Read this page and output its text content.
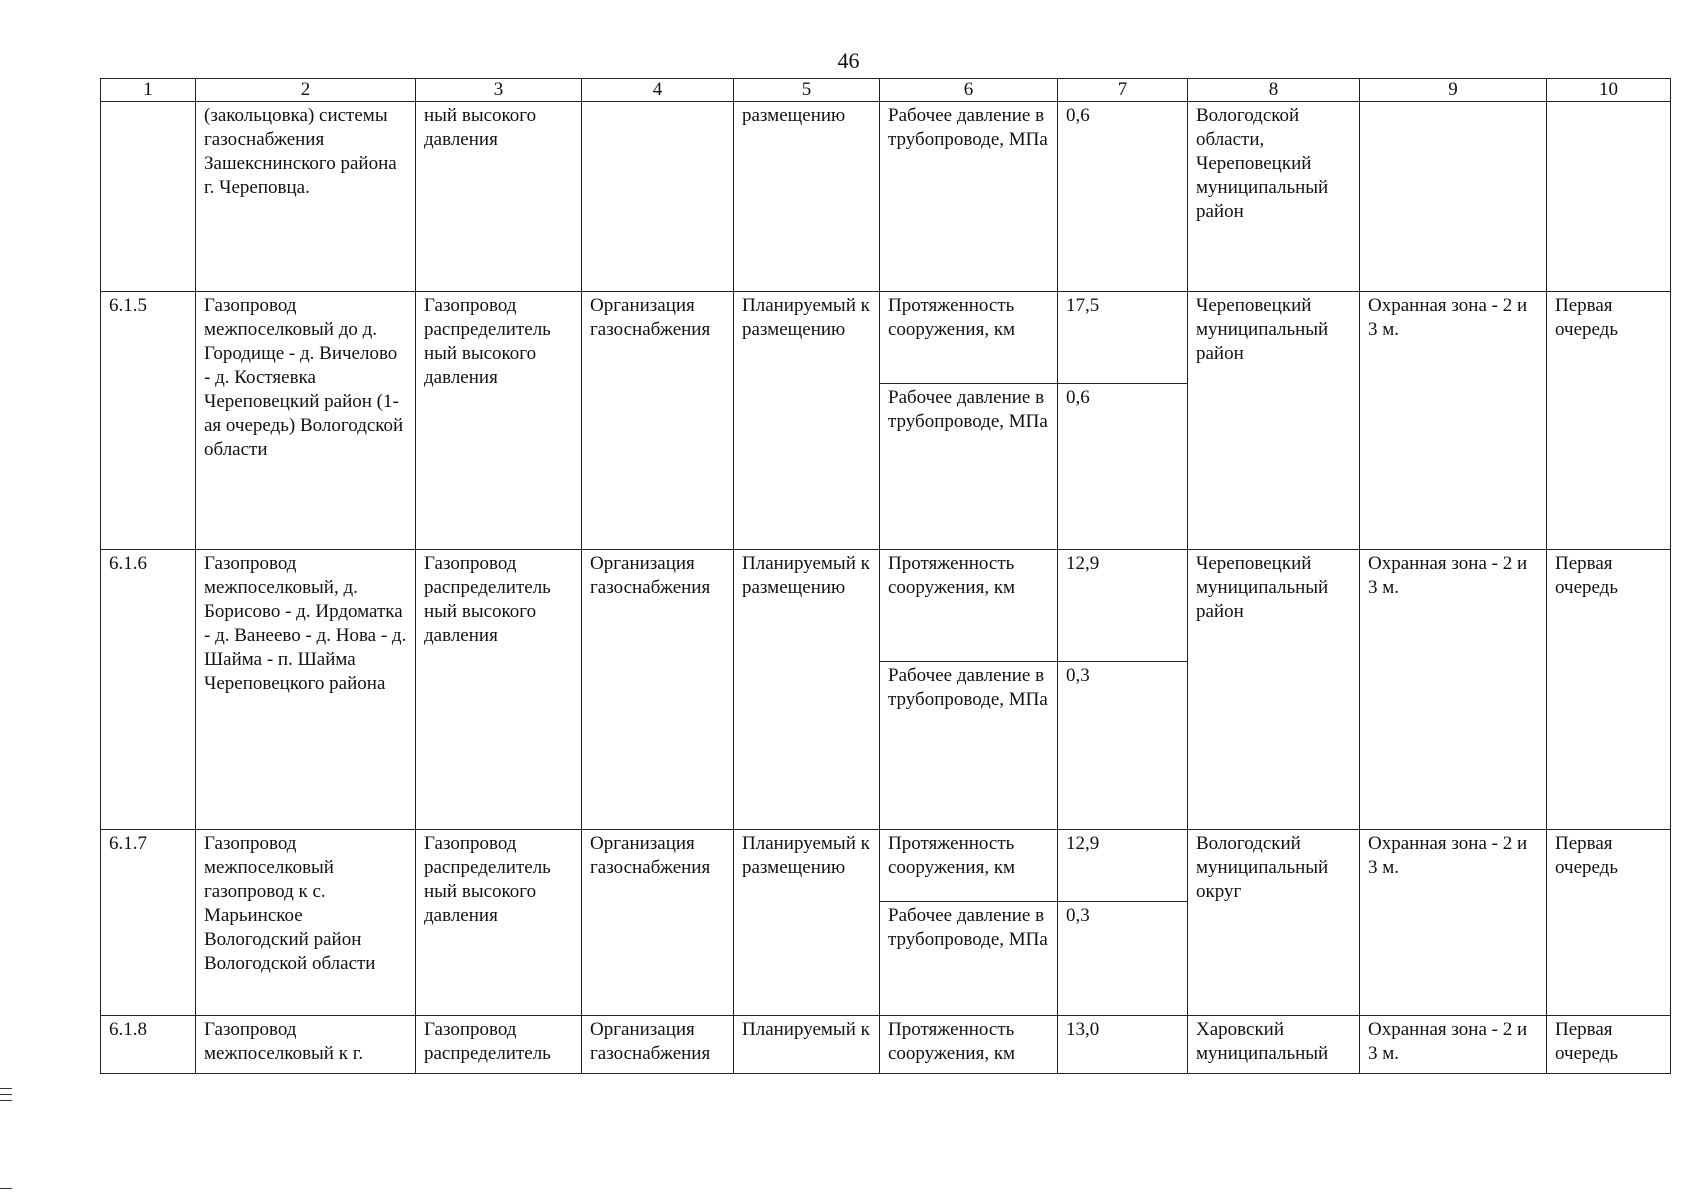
46
1	2	3	4	5	6	7	8	9	10
	(закольцовка) системы газоснабжения Зашекснинского района г. Череповца.	ный высокого давления		размещению	Рабочее давление в трубопроводе, МПа	0,6	Вологодской области, Череповецкий муниципальный район		
6.1.5	Газопровод межпоселковый до д. Городище - д. Вичелово - д. Костяевка Череповецкий район (1-ая очередь) Вологодской области	Газопровод распределитель ный высокого давления	Организация газоснабжения	Планируемый к размещению	Протяженность сооружения, км	17,5	Череповецкий муниципальный район	Охранная зона - 2 и 3 м.	Первая очередь
					Рабочее давление в трубопроводе, МПа	0,6			
6.1.6	Газопровод межпоселковый, д. Борисово - д. Ирдоматка - д. Ванеево - д. Нова - д. Шайма - п. Шайма Череповецкого района	Газопровод распределитель ный высокого давления	Организация газоснабжения	Планируемый к размещению	Протяженность сооружения, км	12,9	Череповецкий муниципальный район	Охранная зона - 2 и 3 м.	Первая очередь
					Рабочее давление в трубопроводе, МПа	0,3			
6.1.7	Газопровод межпоселковый газопровод к с. Марьинское Вологодский район Вологодской области	Газопровод распределитель ный высокого давления	Организация газоснабжения	Планируемый к размещению	Протяженность сооружения, км	12,9	Вологодский муниципальный округ	Охранная зона - 2 и 3 м.	Первая очередь
					Рабочее давление в трубопроводе, МПа	0,3			
6.1.8	Газопровод межпоселковый к г.	Газопровод распределитель	Организация газоснабжения	Планируемый к	Протяженность сооружения, км	13,0	Харовский муниципальный	Охранная зона - 2 и 3 м.	Первая очередь
